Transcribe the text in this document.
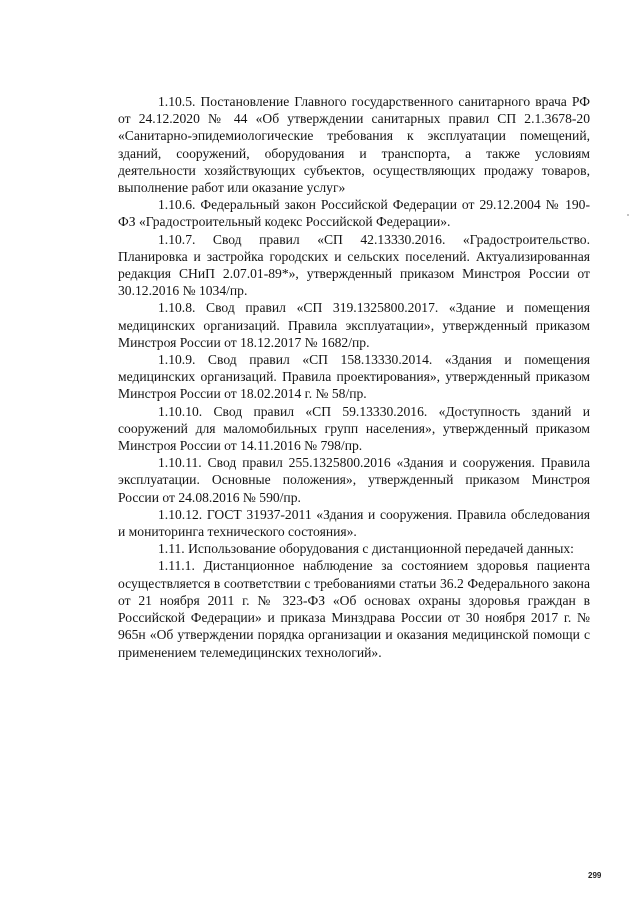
1.10.5. Постановление Главного государственного санитарного врача РФ от 24.12.2020 № 44 «Об утверждении санитарных правил СП 2.1.3678-20 «Санитарно-эпидемиологические требования к эксплуатации помещений, зданий, сооружений, оборудования и транспорта, а также условиям деятельности хозяйствующих субъектов, осуществляющих продажу товаров, выполнение работ или оказание услуг»

1.10.6. Федеральный закон Российской Федерации от 29.12.2004 № 190-ФЗ «Градостроительный кодекс Российской Федерации».

1.10.7. Свод правил «СП 42.13330.2016. «Градостроительство. Планировка и застройка городских и сельских поселений. Актуализированная редакция СНиП 2.07.01-89*», утвержденный приказом Минстроя России от 30.12.2016 № 1034/пр.

1.10.8. Свод правил «СП 319.1325800.2017. «Здание и помещения медицинских организаций. Правила эксплуатации», утвержденный приказом Минстроя России от 18.12.2017 № 1682/пр.

1.10.9. Свод правил «СП 158.13330.2014. «Здания и помещения медицинских организаций. Правила проектирования», утвержденный приказом Минстроя России от 18.02.2014 г. № 58/пр.

1.10.10. Свод правил «СП 59.13330.2016. «Доступность зданий и сооружений для маломобильных групп населения», утвержденный приказом Минстроя России от 14.11.2016 № 798/пр.

1.10.11. Свод правил 255.1325800.2016 «Здания и сооружения. Правила эксплуатации. Основные положения», утвержденный приказом Минстроя России от 24.08.2016 № 590/пр.

1.10.12. ГОСТ 31937-2011 «Здания и сооружения. Правила обследования и мониторинга технического состояния».

1.11. Использование оборудования с дистанционной передачей данных:

1.11.1. Дистанционное наблюдение за состоянием здоровья пациента осуществляется в соответствии с требованиями статьи 36.2 Федерального закона от 21 ноября 2011 г. № 323-ФЗ «Об основах охраны здоровья граждан в Российской Федерации» и приказа Минздрава России от 30 ноября 2017 г. № 965н «Об утверждении порядка организации и оказания медицинской помощи с применением телемедицинских технологий».

299
